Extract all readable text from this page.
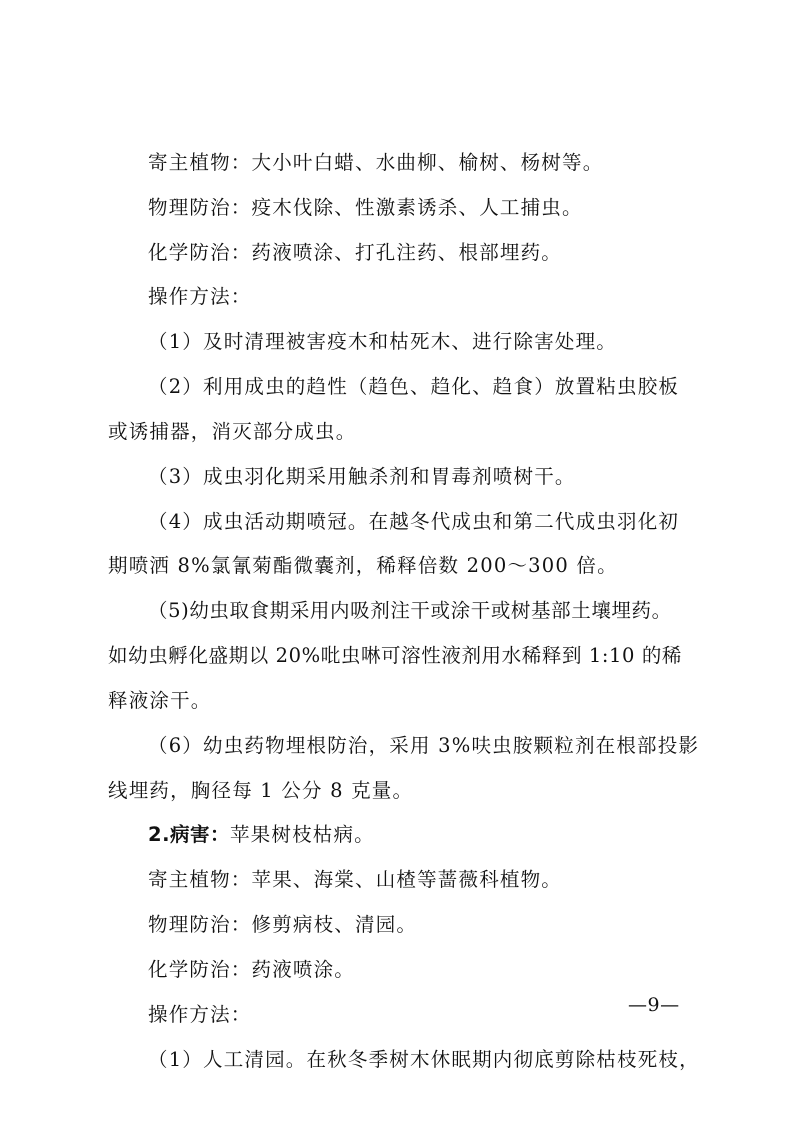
寄主植物：大小叶白蜡、水曲柳、榆树、杨树等。
物理防治：疫木伐除、性激素诱杀、人工捕虫。
化学防治：药液喷涂、打孔注药、根部埋药。
操作方法：
（1）及时清理被害疫木和枯死木、进行除害处理。
（2）利用成虫的趋性（趋色、趋化、趋食）放置粘虫胶板
或诱捕器，消灭部分成虫。
（3）成虫羽化期采用触杀剂和胃毒剂喷树干。
（4）成虫活动期喷冠。在越冬代成虫和第二代成虫羽化初
期喷洒 8%氯氰菊酯微囊剂，稀释倍数 200～300 倍。
（5)幼虫取食期采用内吸剂注干或涂干或树基部土壤埋药。
如幼虫孵化盛期以 20%吡虫啉可溶性液剂用水稀释到 1:10 的稀
释液涂干。
（6）幼虫药物埋根防治，采用 3%呋虫胺颗粒剂在根部投影
线埋药，胸径每 1 公分 8 克量。
2.病害：苹果树枝枯病。
寄主植物：苹果、海棠、山楂等蔷薇科植物。
物理防治：修剪病枝、清园。
化学防治：药液喷涂。
操作方法：
（1）人工清园。在秋冬季树木休眠期内彻底剪除枯枝死枝，
—9—
